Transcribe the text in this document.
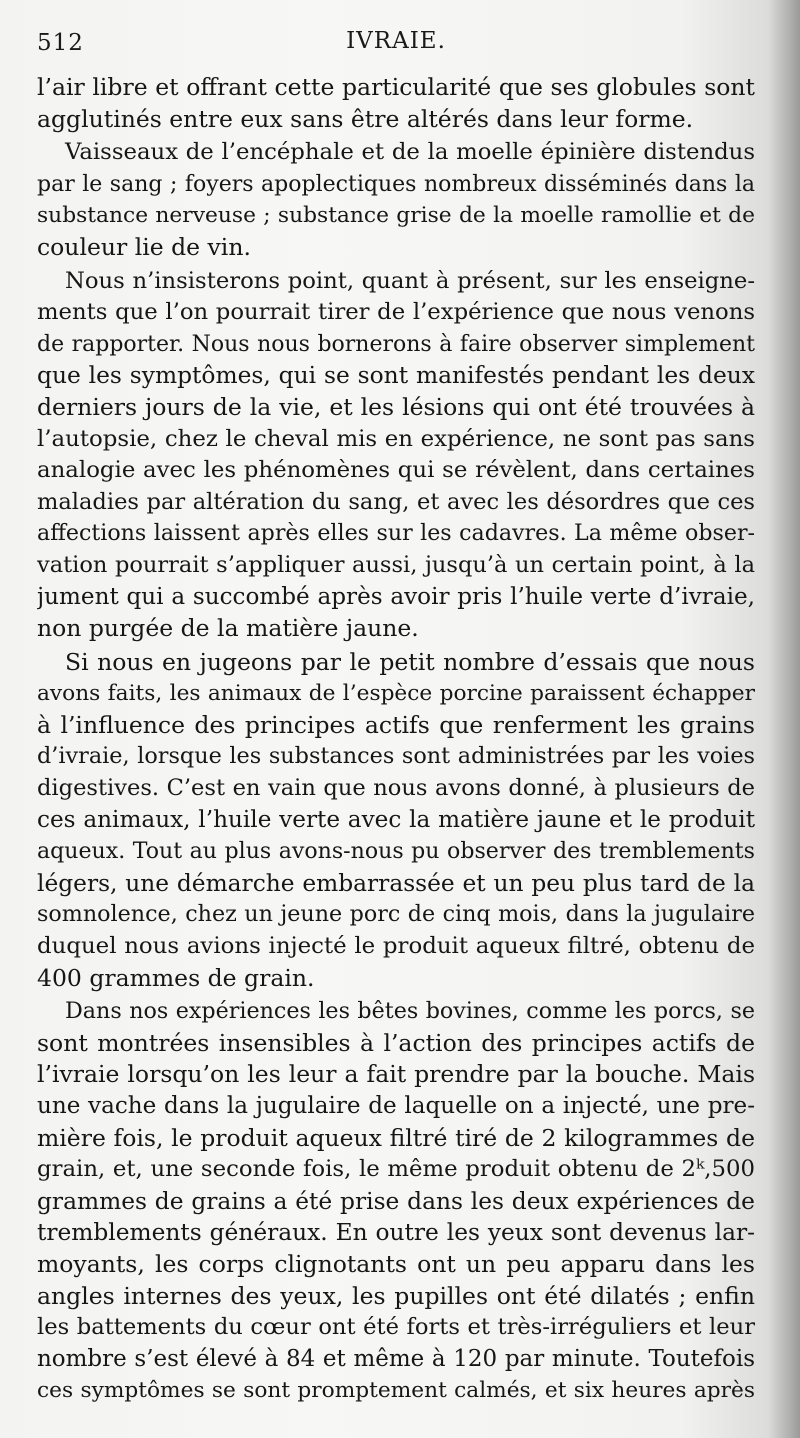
512	IVRAIE.
l’air libre et offrant cette particularité que ses globules sont
agglutinés entre eux sans être altérés dans leur forme.
Vaisseaux de l’encéphale et de la moelle épinière distendus
par le sang ; foyers apoplectiques nombreux disséminés dans la
substance nerveuse ; substance grise de la moelle ramollie et de
couleur lie de vin.
Nous n’insisterons point, quant à présent, sur les enseigne-
ments que l’on pourrait tirer de l’expérience que nous venons
de rapporter. Nous nous bornerons à faire observer simplement
que les symptômes, qui se sont manifestés pendant les deux
derniers jours de la vie, et les lésions qui ont été trouvées à
l’autopsie, chez le cheval mis en expérience, ne sont pas sans
analogie avec les phénomènes qui se révèlent, dans certaines
maladies par altération du sang, et avec les désordres que ces
affections laissent après elles sur les cadavres. La même obser-
vation pourrait s’appliquer aussi, jusqu’à un certain point, à la
jument qui a succombé après avoir pris l’huile verte d’ivraie,
non purgée de la matière jaune.
Si nous en jugeons par le petit nombre d’essais que nous
avons faits, les animaux de l’espèce porcine paraissent échapper
à l’influence des principes actifs que renferment les grains
d’ivraie, lorsque les substances sont administrées par les voies
digestives. C’est en vain que nous avons donné, à plusieurs de
ces animaux, l’huile verte avec la matière jaune et le produit
aqueux. Tout au plus avons-nous pu observer des tremblements
légers, une démarche embarrassée et un peu plus tard de la
somnolence, chez un jeune porc de cinq mois, dans la jugulaire
duquel nous avions injecté le produit aqueux filtré, obtenu de
400 grammes de grain.
Dans nos expériences les bêtes bovines, comme les porcs, se
sont montrées insensibles à l’action des principes actifs de
l’ivraie lorsqu’on les leur a fait prendre par la bouche. Mais
une vache dans la jugulaire de laquelle on a injecté, une pre-
mière fois, le produit aqueux filtré tiré de 2 kilogrammes de
grain, et, une seconde fois, le même produit obtenu de 2ᵏ,500
grammes de grains a été prise dans les deux expériences de
tremblements généraux. En outre les yeux sont devenus lar-
moyants, les corps clignotants ont un peu apparu dans les
angles internes des yeux, les pupilles ont été dilatés ; enfin
les battements du cœur ont été forts et très-irréguliers et leur
nombre s’est élevé à 84 et même à 120 par minute. Toutefois
ces symptômes se sont promptement calmés, et six heures après
